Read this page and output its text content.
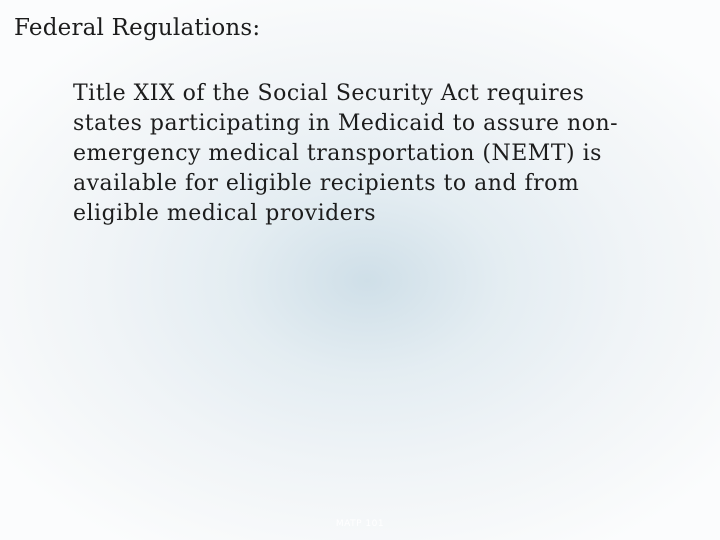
Federal Regulations:

Title XIX of the Social Security Act requires states participating in Medicaid to assure non-emergency medical transportation (NEMT) is available for eligible recipients to and from eligible medical providers

MATP 101
